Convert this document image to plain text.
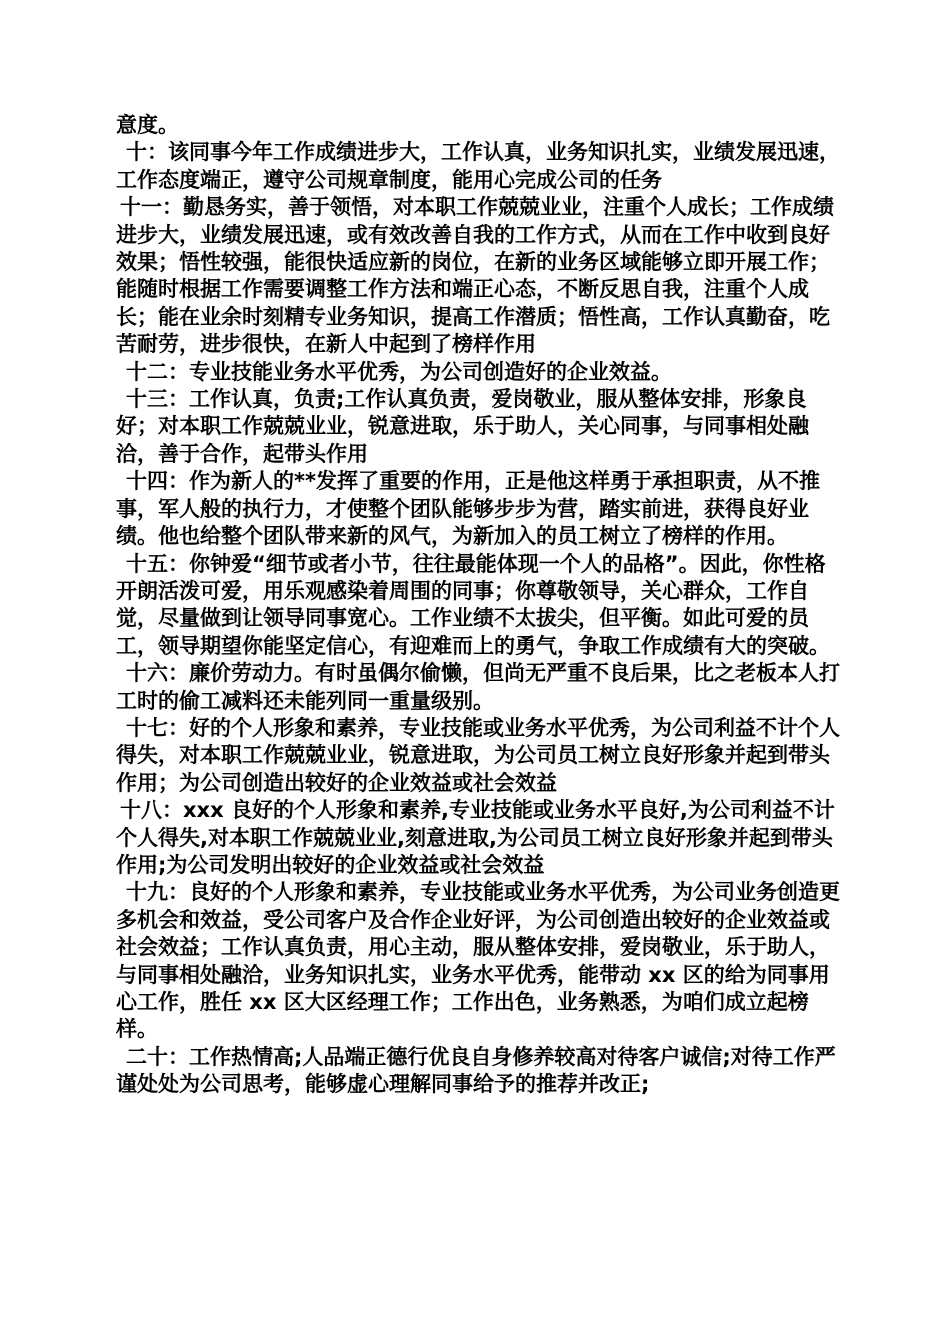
意度。

十：该同事今年工作成绩进步大，工作认真，业务知识扎实，业绩发展迅速，工作态度端正，遵守公司规章制度，能用心完成公司的任务

十一：勤恳务实，善于领悟，对本职工作兢兢业业，注重个人成长；工作成绩进步大，业绩发展迅速，或有效改善自我的工作方式，从而在工作中收到良好效果；悟性较强，能很快适应新的岗位，在新的业务区域能够立即开展工作；能随时根据工作需要调整工作方法和端正心态，不断反思自我，注重个人成长；能在业余时刻精专业务知识，提高工作潜质；悟性高，工作认真勤奋，吃苦耐劳，进步很快，在新人中起到了榜样作用

十二：专业技能业务水平优秀，为公司创造好的企业效益。

十三：工作认真，负责;工作认真负责，爱岗敬业，服从整体安排，形象良好；对本职工作兢兢业业，锐意进取，乐于助人，关心同事，与同事相处融洽，善于合作，起带头作用

十四：作为新人的**发挥了重要的作用，正是他这样勇于承担职责，从不推事，军人般的执行力，才使整个团队能够步步为营，踏实前进，获得良好业绩。他也给整个团队带来新的风气，为新加入的员工树立了榜样的作用。

十五：你钟爱“细节或者小节，往往最能体现一个人的品格”。因此，你性格开朗活泼可爱，用乐观感染着周围的同事；你尊敬领导，关心群众，工作自觉，尽量做到让领导同事宽心。工作业绩不太拔尖，但平衡。如此可爱的员工，领导期望你能坚定信心，有迎难而上的勇气，争取工作成绩有大的突破。

十六：廉价劳动力。有时虽偶尔偷懒，但尚无严重不良后果，比之老板本人打工时的偷工减料还未能列同一重量级别。

十七：好的个人形象和素养，专业技能或业务水平优秀，为公司利益不计个人得失，对本职工作兢兢业业，锐意进取，为公司员工树立良好形象并起到带头作用；为公司创造出较好的企业效益或社会效益

十八：xxx 良好的个人形象和素养,专业技能或业务水平良好,为公司利益不计个人得失,对本职工作兢兢业业,刻意进取,为公司员工树立良好形象并起到带头作用;为公司发明出较好的企业效益或社会效益

十九：良好的个人形象和素养，专业技能或业务水平优秀，为公司业务创造更多机会和效益，受公司客户及合作企业好评，为公司创造出较好的企业效益或社会效益；工作认真负责，用心主动，服从整体安排，爱岗敬业，乐于助人，与同事相处融洽，业务知识扎实，业务水平优秀，能带动 xx 区的给为同事用心工作，胜任 xx 区大区经理工作；工作出色，业务熟悉，为咱们成立起榜样。

二十：工作热情高;人品端正德行优良自身修养较高对待客户诚信;对待工作严谨处处为公司思考，能够虚心理解同事给予的推荐并改正;
